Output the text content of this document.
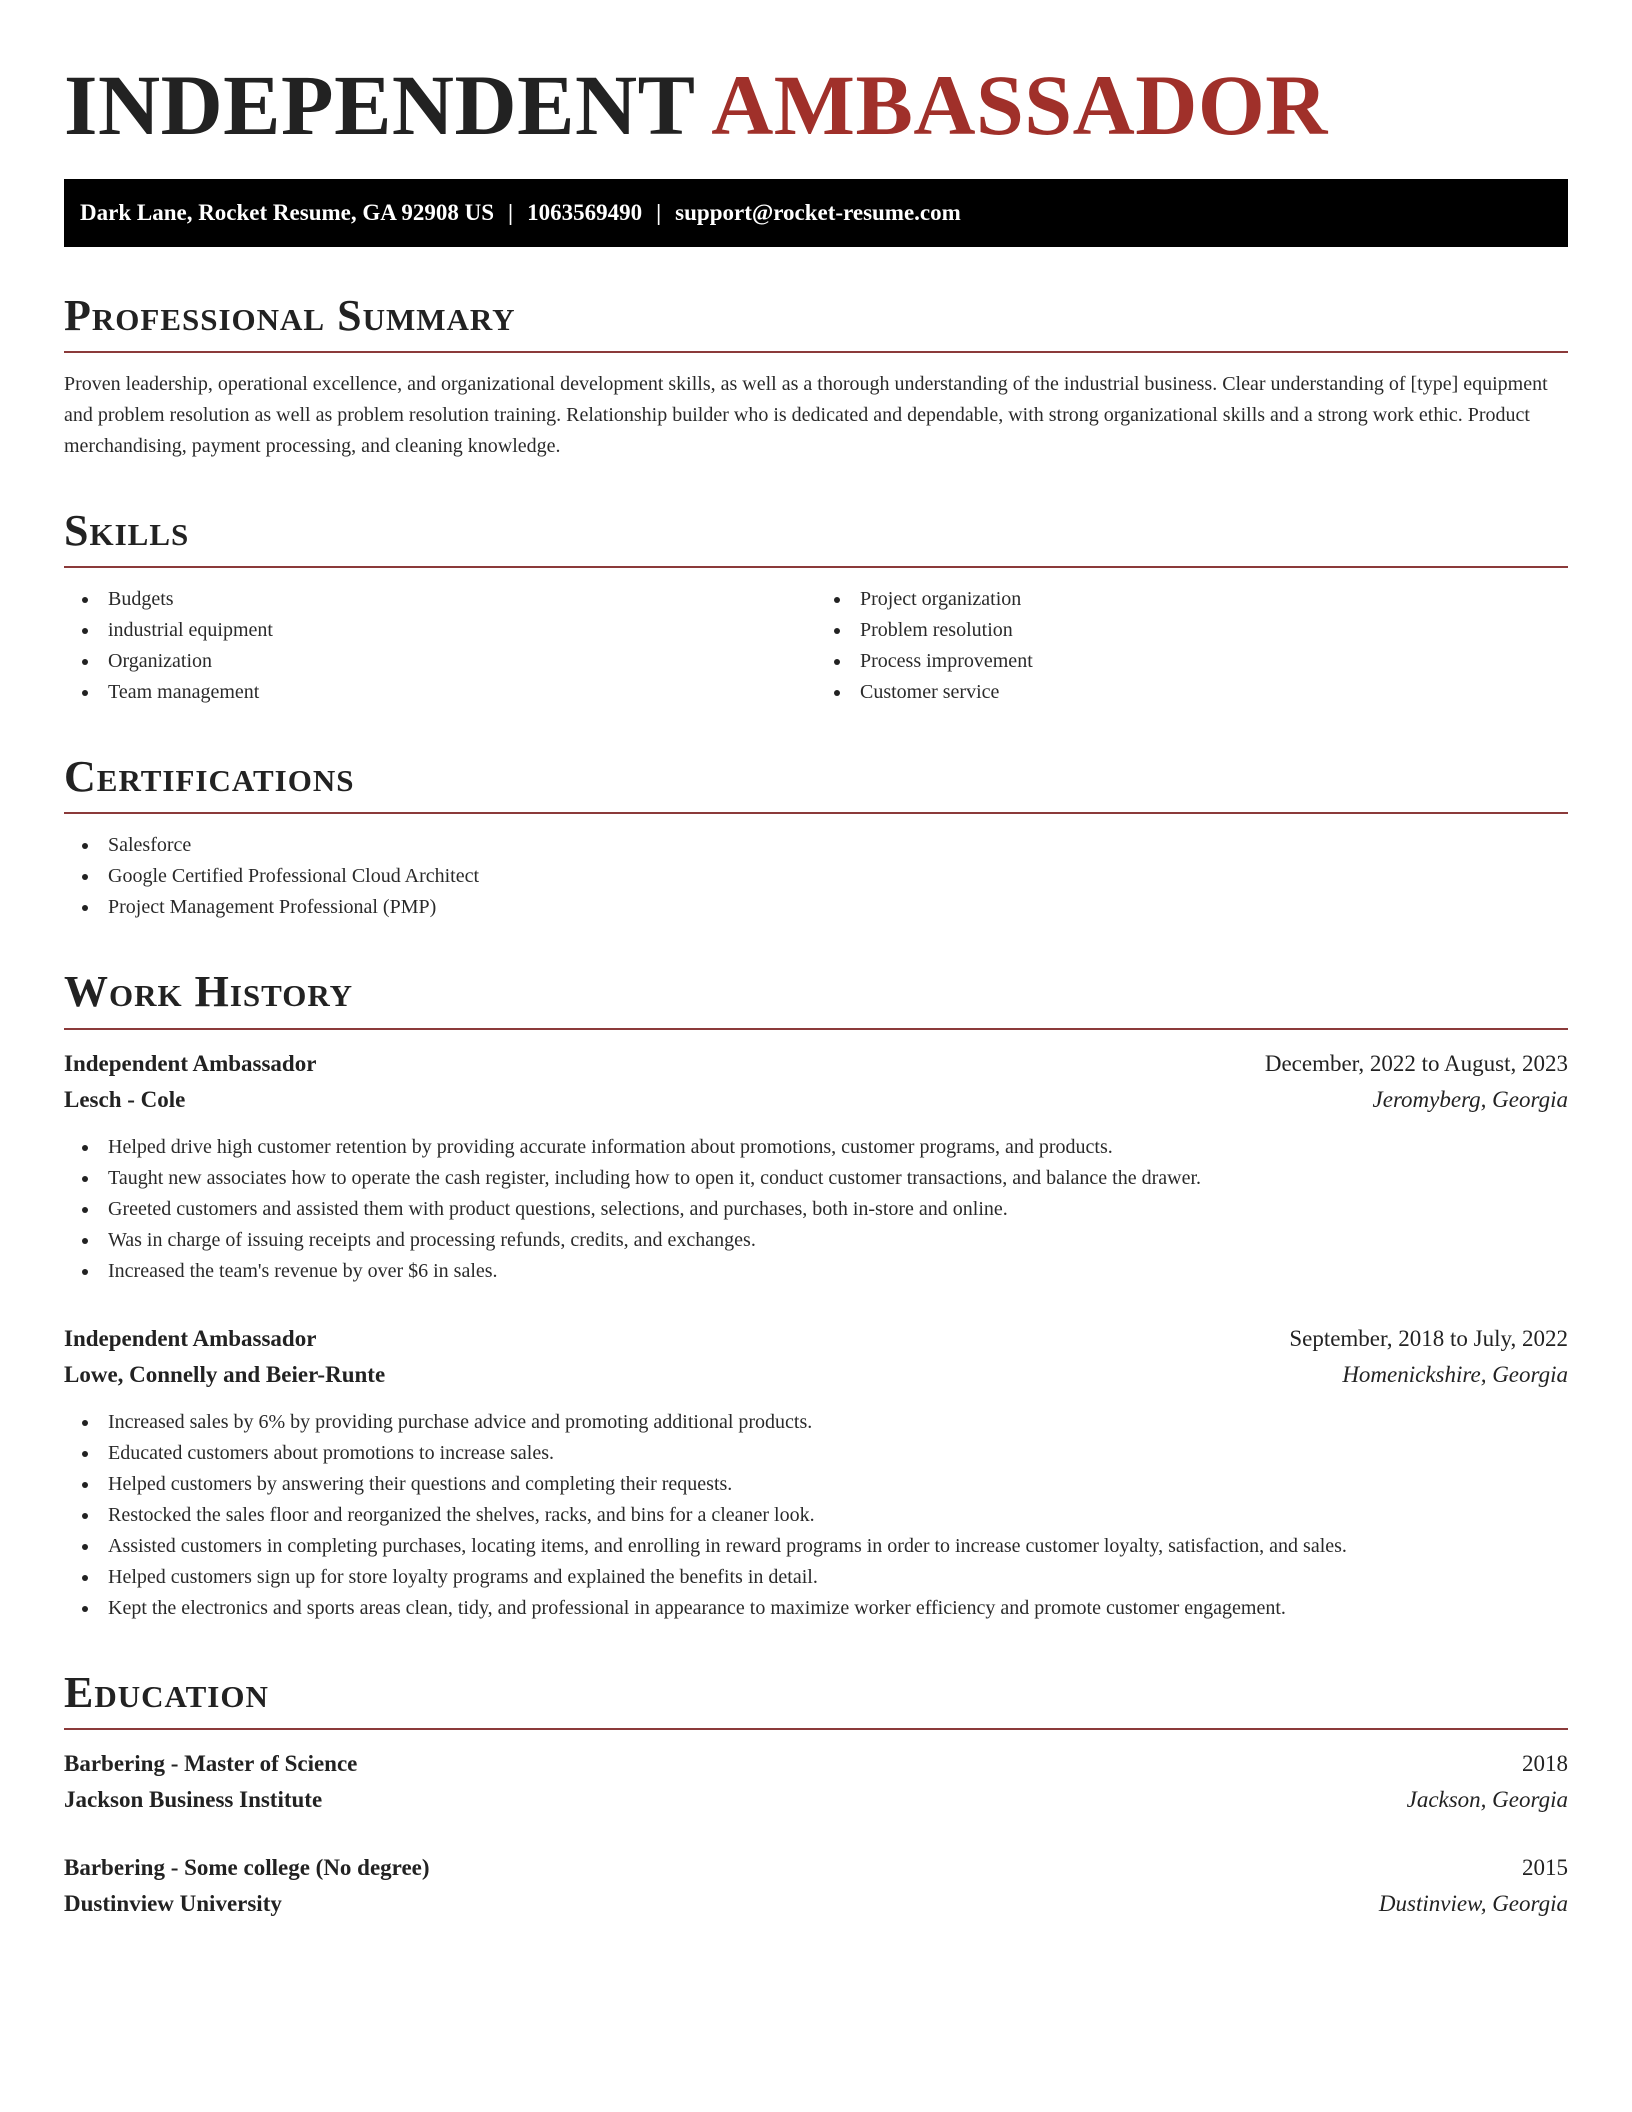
INDEPENDENT AMBASSADOR
Dark Lane, Rocket Resume, GA 92908 US | 1063569490 | support@rocket-resume.com
Professional Summary

Proven leadership, operational excellence, and organizational development skills, as well as a thorough understanding of the industrial business. Clear understanding of [type] equipment and problem resolution as well as problem resolution training. Relationship builder who is dedicated and dependable, with strong organizational skills and a strong work ethic. Product merchandising, payment processing, and cleaning knowledge.

Skills
Budgets
industrial equipment
Organization
Team management
Project organization
Problem resolution
Process improvement
Customer service
Certifications
Salesforce
Google Certified Professional Cloud Architect
Project Management Professional (PMP)
Work History
Independent Ambassador	December, 2022 to August, 2023
Lesch - Cole	Jeromyberg, Georgia
Helped drive high customer retention by providing accurate information about promotions, customer programs, and products.
Taught new associates how to operate the cash register, including how to open it, conduct customer transactions, and balance the drawer.
Greeted customers and assisted them with product questions, selections, and purchases, both in-store and online.
Was in charge of issuing receipts and processing refunds, credits, and exchanges.
Increased the team's revenue by over $6 in sales.
Independent Ambassador	September, 2018 to July, 2022
Lowe, Connelly and Beier-Runte	Homenickshire, Georgia
Increased sales by 6% by providing purchase advice and promoting additional products.
Educated customers about promotions to increase sales.
Helped customers by answering their questions and completing their requests.
Restocked the sales floor and reorganized the shelves, racks, and bins for a cleaner look.
Assisted customers in completing purchases, locating items, and enrolling in reward programs in order to increase customer loyalty, satisfaction, and sales.
Helped customers sign up for store loyalty programs and explained the benefits in detail.
Kept the electronics and sports areas clean, tidy, and professional in appearance to maximize worker efficiency and promote customer engagement.
Education
Barbering - Master of Science	2018
Jackson Business Institute	Jackson, Georgia
Barbering - Some college (No degree)	2015
Dustinview University	Dustinview, Georgia
